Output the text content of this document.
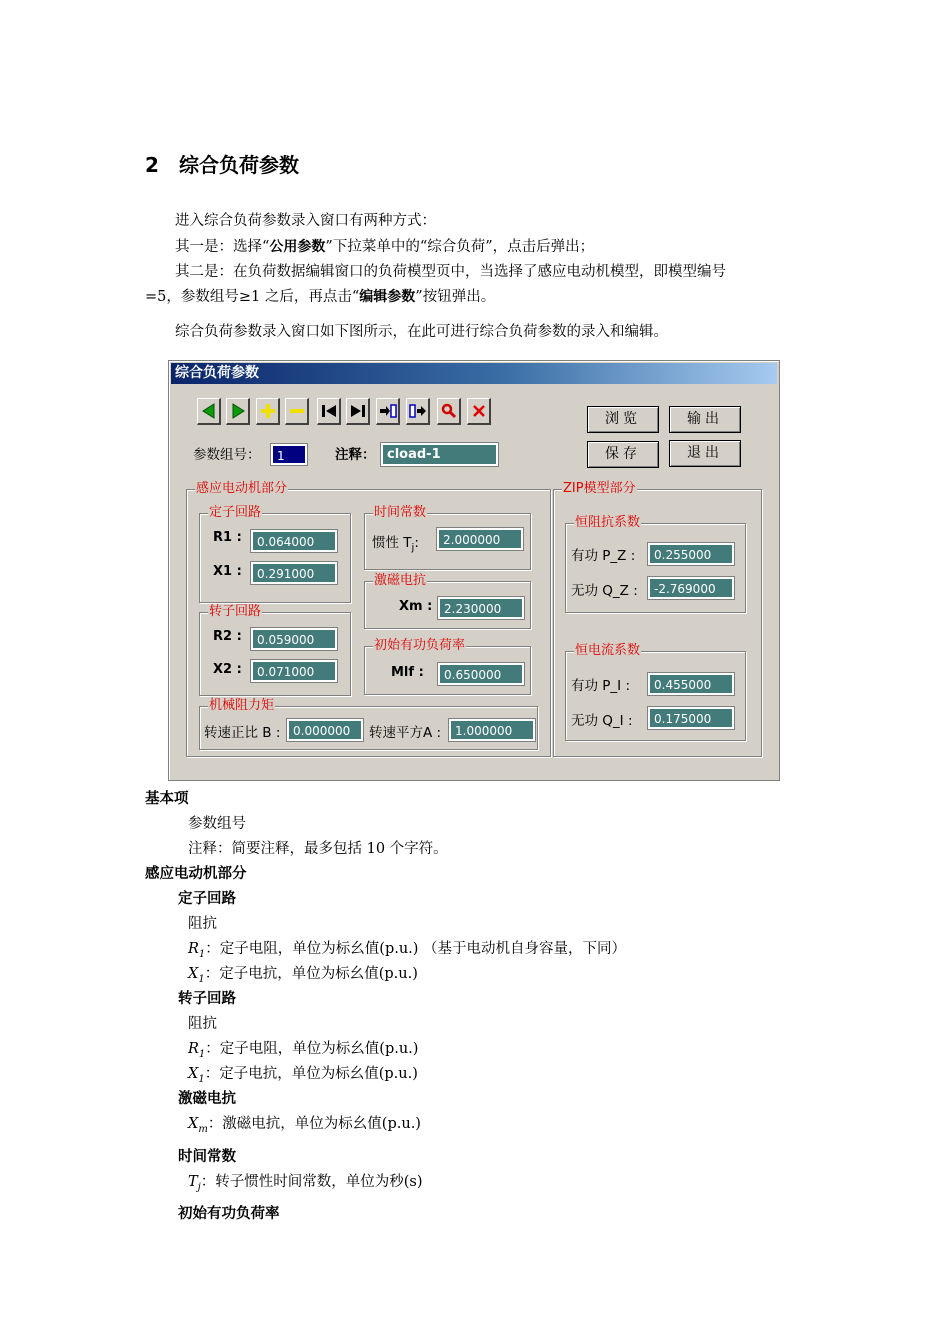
2 综合负荷参数
进入综合负荷参数录入窗口有两种方式：
其一是：选择“公用参数”下拉菜单中的“综合负荷”，点击后弹出；
其二是：在负荷数据编辑窗口的负荷模型页中，当选择了感应电动机模型，即模型编号
=5，参数组号≥1 之后，再点击“编辑参数”按钮弹出。
综合负荷参数录入窗口如下图所示，在此可进行综合负荷参数的录入和编辑。
综合负荷参数
浏览	输出
保存	退出
参数组号：	1	注释： cload-1
感应电动机部分
定子回路
R1 :	0.064000
X1 :	0.291000
转子回路
R2 :	0.059000
X2 :	0.071000
时间常数
惯性 $T_j$:	2.000000
激磁电抗
Xm : 2.230000
初始有功负荷率
Mlf :	0.650000
机械阻力矩
转速正比 B :	0.000000	转速平方A :	1.000000
ZIP模型部分
恒阻抗系数
有功 P_Z :	0.255000
无功 Q_Z :	-2.769000
恒电流系数
有功 P_I :	0.455000
无功 Q_I :	0.175000
基本项
参数组号
注释：简要注释，最多包括 10 个字符。
感应电动机部分
定子回路
阻抗
$R_1$：定子电阻，单位为标幺值(p.u.) （基于电动机自身容量，下同）
$X_1$：定子电抗，单位为标幺值(p.u.)
转子回路
阻抗
$R_1$：定子电阻，单位为标幺值(p.u.)
$X_1$：定子电抗，单位为标幺值(p.u.)
激磁电抗
$X_m$：激磁电抗，单位为标幺值(p.u.)
时间常数
$T_j$：转子惯性时间常数，单位为秒(s)
初始有功负荷率
